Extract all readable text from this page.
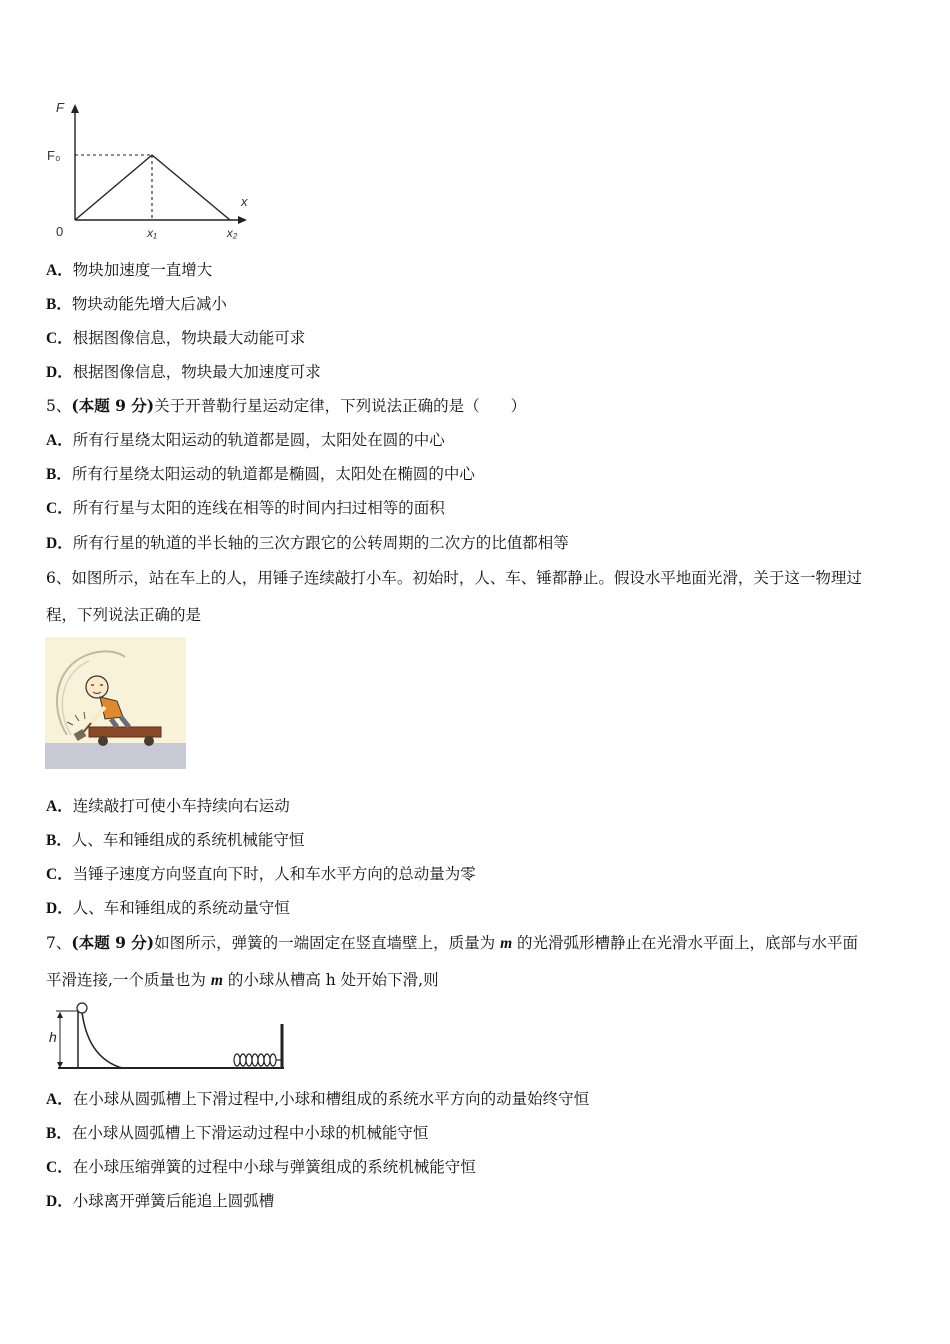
F
F₀
x
0	x₁	x₂
A．物块加速度一直增大
B．物块动能先增大后减小
C．根据图像信息，物块最大动能可求
D．根据图像信息，物块最大加速度可求
5、(本题 9 分)关于开普勒行星运动定律，下列说法正确的是（　　）
A．所有行星绕太阳运动的轨道都是圆，太阳处在圆的中心
B．所有行星绕太阳运动的轨道都是椭圆，太阳处在椭圆的中心
C．所有行星与太阳的连线在相等的时间内扫过相等的面积
D．所有行星的轨道的半长轴的三次方跟它的公转周期的二次方的比值都相等
6、如图所示，站在车上的人，用锤子连续敲打小车。初始时，人、车、锤都静止。假设水平地面光滑，关于这一物理过
程，下列说法正确的是
A．连续敲打可使小车持续向右运动
B．人、车和锤组成的系统机械能守恒
C．当锤子速度方向竖直向下时，人和车水平方向的总动量为零
D．人、车和锤组成的系统动量守恒
7、(本题 9 分)如图所示，弹簧的一端固定在竖直墙壁上，质量为 m 的光滑弧形槽静止在光滑水平面上，底部与水平面
平滑连接,一个质量也为 m 的小球从槽高 h 处开始下滑,则
h
A．在小球从圆弧槽上下滑过程中,小球和槽组成的系统水平方向的动量始终守恒
B．在小球从圆弧槽上下滑运动过程中小球的机械能守恒
C．在小球压缩弹簧的过程中小球与弹簧组成的系统机械能守恒
D．小球离开弹簧后能追上圆弧槽
